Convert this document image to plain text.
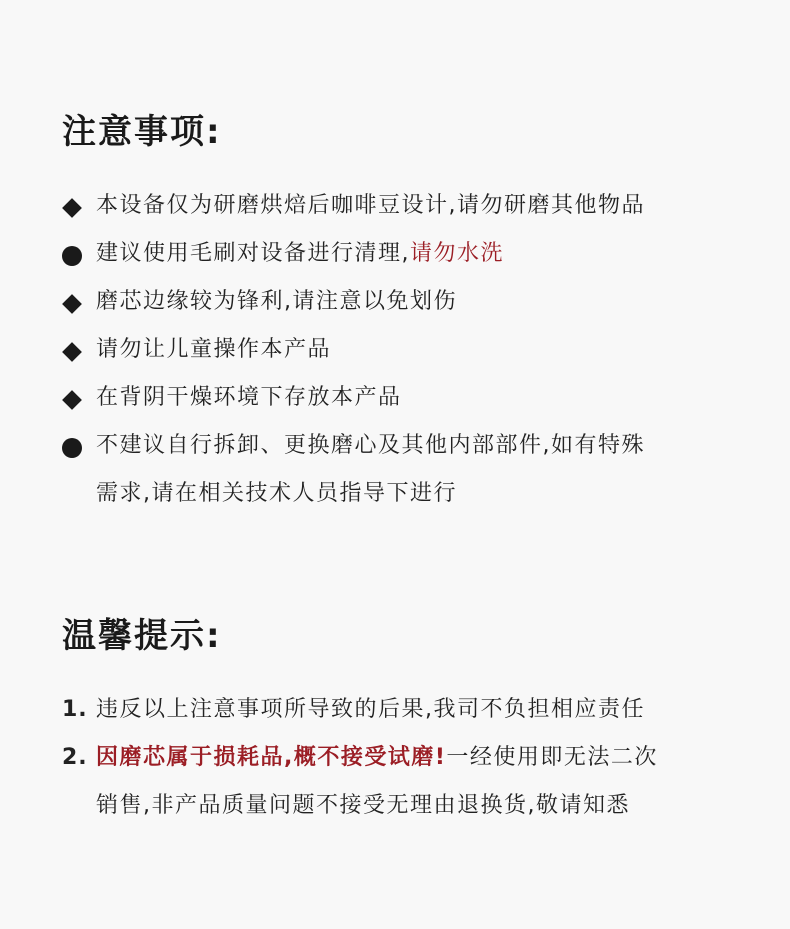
注意事项:
本设备仅为研磨烘焙后咖啡豆设计,请勿研磨其他物品
建议使用毛刷对设备进行清理,请勿水洗
磨芯边缘较为锋利,请注意以免划伤
请勿让儿童操作本产品
在背阴干燥环境下存放本产品
不建议自行拆卸、更换磨心及其他内部部件,如有特殊
需求,请在相关技术人员指导下进行
温馨提示:
1. 违反以上注意事项所导致的后果,我司不负担相应责任
2. 因磨芯属于损耗品,概不接受试磨!一经使用即无法二次
销售,非产品质量问题不接受无理由退换货,敬请知悉
